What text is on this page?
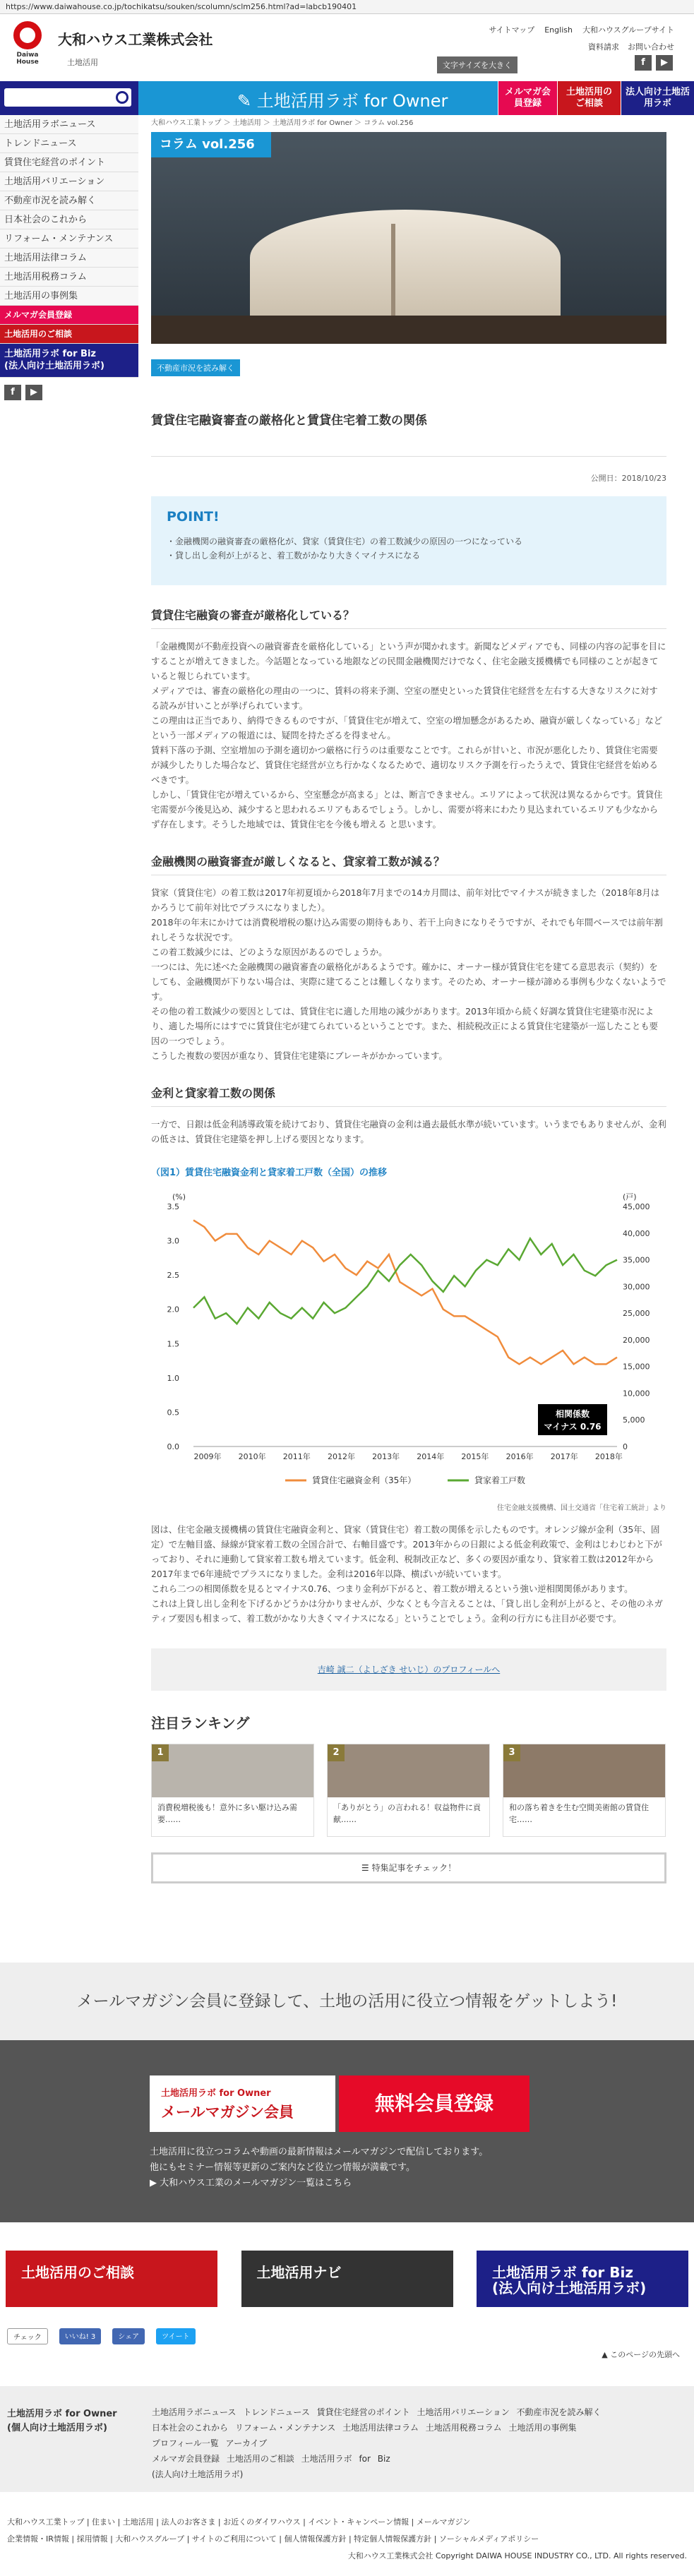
https://www.daiwahouse.co.jp/tochikatsu/souken/scolumn/sclm256.html?ad=labcb190401
Daiwa House
大和ハウス工業株式会社
土地活用
サイトマップ English 大和ハウスグループサイト
資料請求 お問い合わせ
文字サイズを大きく	f	▶
✎ 土地活用ラボ for Owner	メルマガ会員登録
土地活用のご相談
法人向け土地活用ラボ
土地活用ラボニュース
トレンドニュース
賃貸住宅経営のポイント
土地活用バリエーション
不動産市況を読み解く
日本社会のこれから
リフォーム・メンテナンス
土地活用法律コラム
土地活用税務コラム
土地活用の事例集
メルマガ会員登録
土地活用のご相談
土地活用ラボ for Biz
(法人向け土地活用ラボ)
f	▶
大和ハウス工業トップ ＞ 土地活用 ＞ 土地活用ラボ for Owner ＞ コラム vol.256
コラム vol.256
不動産市況を読み解く
賃貸住宅融資審査の厳格化と賃貸住宅着工数の関係
公開日：2018/10/23
POINT!
・金融機関の融資審査の厳格化が、貸家（賃貸住宅）の着工数減少の原因の一つになっている
・貸し出し金利が上がると、着工数がかなり大きくマイナスになる
賃貸住宅融資の審査が厳格化している？
「金融機関が不動産投資への融資審査を厳格化している」という声が聞かれます。新聞などメディアでも、同様の内容の記事を目にすることが増えてきました。今話題となっている地銀などの民間金融機関だけでなく、住宅金融支援機構でも同様のことが起きていると報じられています。
メディアでは、審査の厳格化の理由の一つに、賃料の将来予測、空室の歴史といった賃貸住宅経営を左右する大きなリスクに対する読みが甘いことが挙げられています。
この理由は正当であり、納得できるものですが、「賃貸住宅が増えて、空室の増加懸念があるため、融資が厳しくなっている」などという一部メディアの報道には、疑問を持たざるを得ません。
賃料下落の予測、空室増加の予測を適切かつ厳格に行うのは重要なことです。これらが甘いと、市況が悪化したり、賃貸住宅需要が減少したりした場合など、賃貸住宅経営が立ち行かなくなるためで、適切なリスク予測を行ったうえで、賃貸住宅経営を始めるべきです。
しかし、「賃貸住宅が増えているから、空室懸念が高まる」とは、断言できません。エリアによって状況は異なるからです。賃貸住宅需要が今後見込め、減少すると思われるエリアもあるでしょう。しかし、需要が将来にわたり見込まれているエリアも少なからず存在します。そうした地域では、賃貸住宅を今後も増える と思います。
金融機関の融資審査が厳しくなると、貸家着工数が減る？
貸家（賃貸住宅）の着工数は2017年初夏頃から2018年7月までの14カ月間は、前年対比でマイナスが続きました（2018年8月はかろうじて前年対比でプラスになりました）。
2018年の年末にかけては消費税増税の駆け込み需要の期待もあり、若干上向きになりそうですが、それでも年間ベースでは前年割れしそうな状況です。
この着工数減少には、どのような原因があるのでしょうか。
一つには、先に述べた金融機関の融資審査の厳格化があるようです。確かに、オーナー様が賃貸住宅を建てる意思表示（契約）をしても、金融機関が下りない場合は、実際に建てることは難しくなります。そのため、オーナー様が諦める事例も少なくないようです。
その他の着工数減少の要因としては、賃貸住宅に適した用地の減少があります。2013年頃から続く好調な賃貸住宅建築市況により、適した場所にはすでに賃貸住宅が建てられているということです。また、相続税改正による賃貸住宅建築が一巡したことも要因の一つでしょう。
こうした複数の要因が重なり、賃貸住宅建築にブレーキがかかっています。
金利と貸家着工数の関係
一方で、日銀は低金利誘導政策を続けており、賃貸住宅融資の金利は過去最低水準が続いています。いうまでもありませんが、金利の低さは、賃貸住宅建築を押し上げる要因となります。
（図1）賃貸住宅融資金利と貸家着工戸数（全国）の推移
(%)	(戸)
0.0
0.5
1.0
1.5
2.0
2.5
3.0
3.5
0
5,000
10,000
15,000
20,000
25,000
30,000
35,000
40,000
45,000
2009年 2010年 2011年 2012年 2013年 2014年 2015年 2016年 2017年 2018年
相関係数
マイナス 0.76
賃貸住宅融資金利（35年）	貸家着工戸数
住宅金融支援機構、国土交通省「住宅着工統計」より
図は、住宅金融支援機構の賃貸住宅融資金利と、貸家（賃貸住宅）着工数の関係を示したものです。オレンジ線が金利（35年、固定）で左軸目盛、緑線が貸家着工数の全国合計で、右軸目盛です。2013年からの日銀による低金利政策で、金利はじわじわと下がっており、それに連動して貸家着工数も増えています。低金利、税制改正など、多くの要因が重なり、貸家着工数は2012年から2017年まで6年連続でプラスになりました。金利は2016年以降、横ばいが続いています。
これら二つの相関係数を見るとマイナス0.76、つまり金利が下がると、着工数が増えるという強い逆相関関係があります。
これは上貸し出し金利を下げるかどうかは分かりませんが、少なくとも今言えることは、「貸し出し金利が上がると、その他のネガティブ要因も相まって、着工数がかなり大きくマイナスになる」ということでしょう。金利の行方にも注目が必要です。
吉崎 誠二（よしざき せいじ）のプロフィールへ
注目ランキング
1
消費税増税後も！意外に多い駆け込み需要……
2
「ありがとう」の言われる！収益物件に貢献……
3
和の落ち着きを生む空間美術館の賃貸住宅……
☰ 特集記事をチェック！
メールマガジン会員に登録して、土地の活用に役立つ情報をゲットしよう!
土地活用ラボ for Owner
メールマガジン会員	無料会員登録
土地活用に役立つコラムや動画の最新情報はメールマガジンで配信しております。
他にもセミナー情報等更新のご案内など役立つ情報が満載です。
▶ 大和ハウス工業のメールマガジン一覧はこちら
土地活用のご相談	土地活用ナビ	土地活用ラボ for Biz
(法人向け土地活用ラボ)
チェック	いいね! 3	シェア	ツイート
▲ このページの先頭へ
土地活用ラボ for Owner
(個人向け土地活用ラボ)
土地活用ラボニュース トレンドニュース 賃貸住宅経営のポイント 土地活用バリエーション 不動産市況を読み解く
日本社会のこれから リフォーム・メンテナンス 土地活用法律コラム 土地活用税務コラム 土地活用の事例集
プロフィール一覧 アーカイブ
メルマガ会員登録 土地活用のご相談 土地活用ラボ for Biz
(法人向け土地活用ラボ)
大和ハウス工業トップ | 住まい | 土地活用 | 法人のお客さま | お近くのダイワハウス | イベント・キャンペーン情報 | メールマガジン
企業情報・IR情報 | 採用情報 | 大和ハウスグループ | サイトのご利用について | 個人情報保護方針 | 特定個人情報保護方針 | ソーシャルメディアポリシー
大和ハウス工業株式会社 Copyright DAIWA HOUSE INDUSTRY CO., LTD. All rights reserved.
